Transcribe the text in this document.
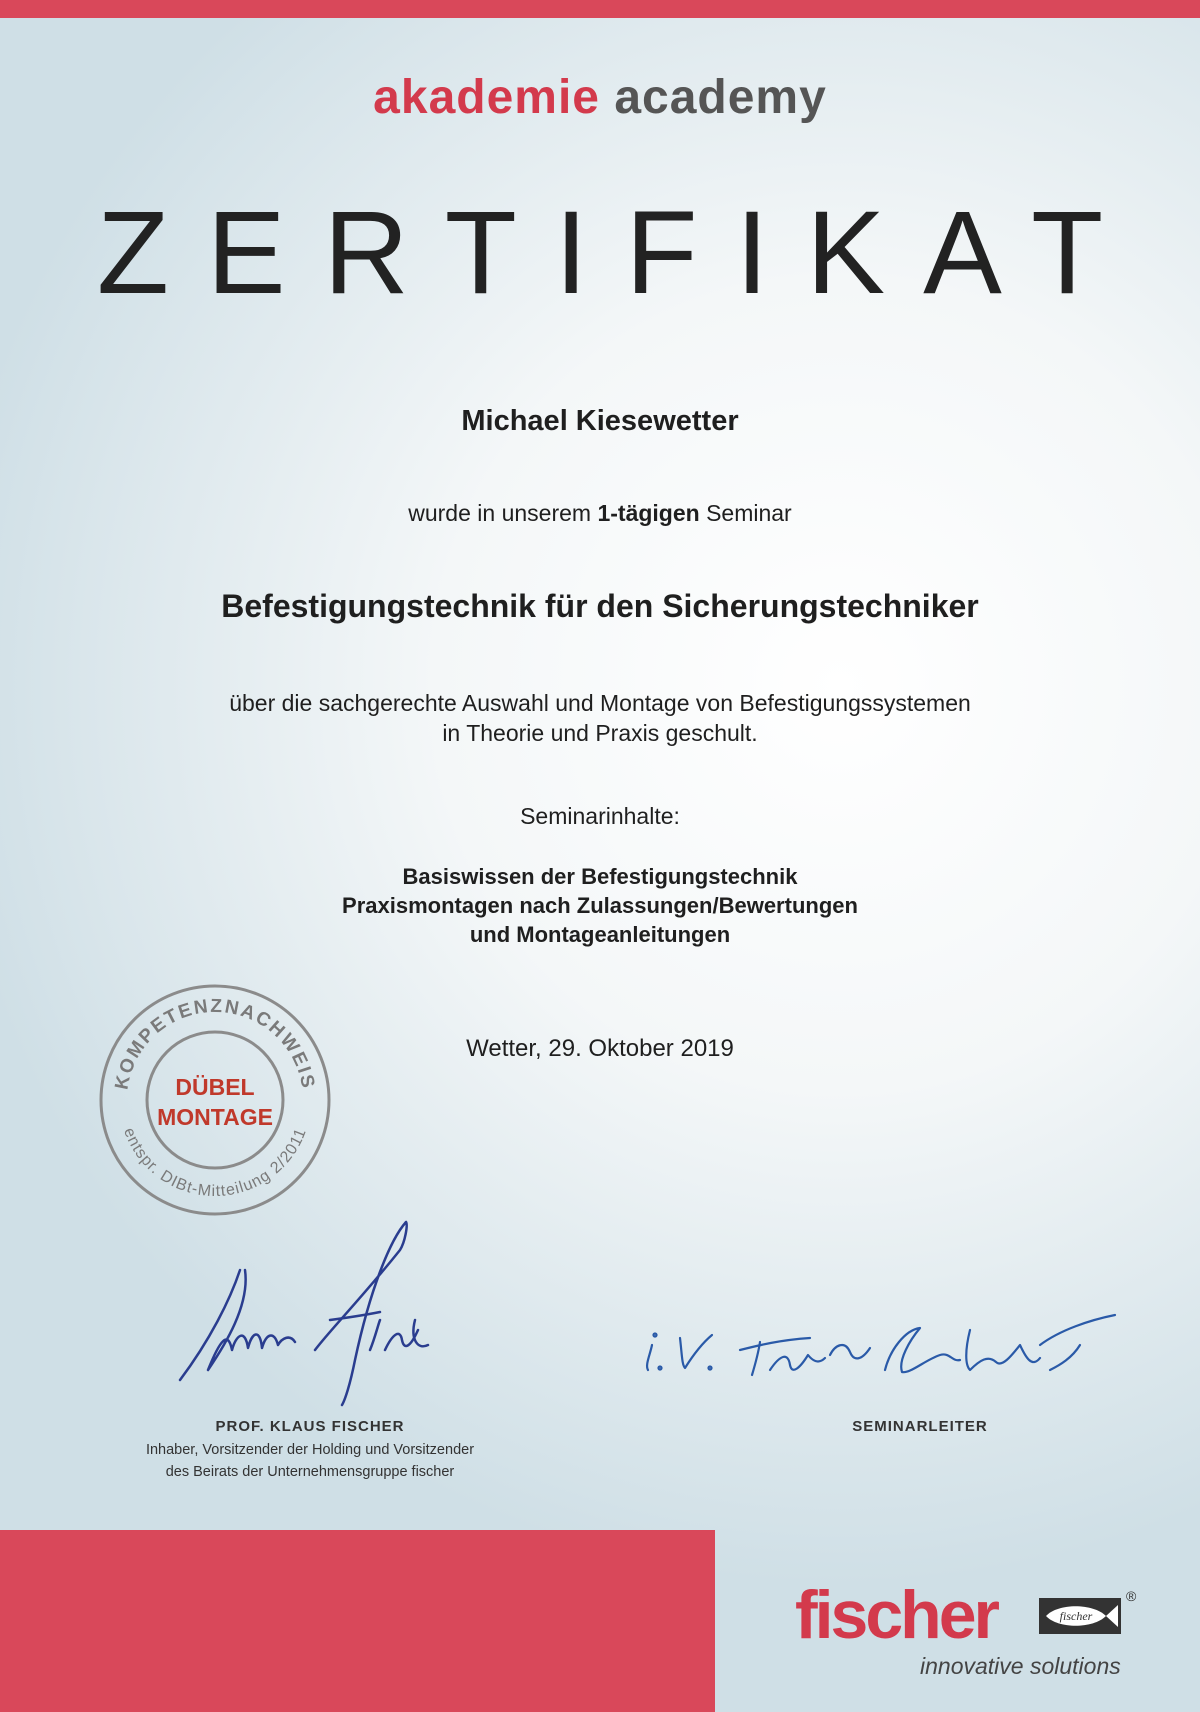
akademie academy
ZERTIFIKAT
Michael Kiesewetter
wurde in unserem 1-tägigen Seminar
Befestigungstechnik für den Sicherungstechniker
über die sachgerechte Auswahl und Montage von Befestigungssystemen
in Theorie und Praxis geschult.
Seminarinhalte:
Basiswissen der Befestigungstechnik
Praxismontagen nach Zulassungen/Bewertungen
und Montageanleitungen
Wetter, 29. Oktober 2019
KOMPETENZNACHWEIS
entspr. DIBt-Mitteilung 2/2011
DÜBEL
MONTAGE
PROF. KLAUS FISCHER
Inhaber, Vorsitzender der Holding und Vorsitzender
des Beirats der Unternehmensgruppe fischer
SEMINARLEITER
fischer	fischer
®
innovative solutions
